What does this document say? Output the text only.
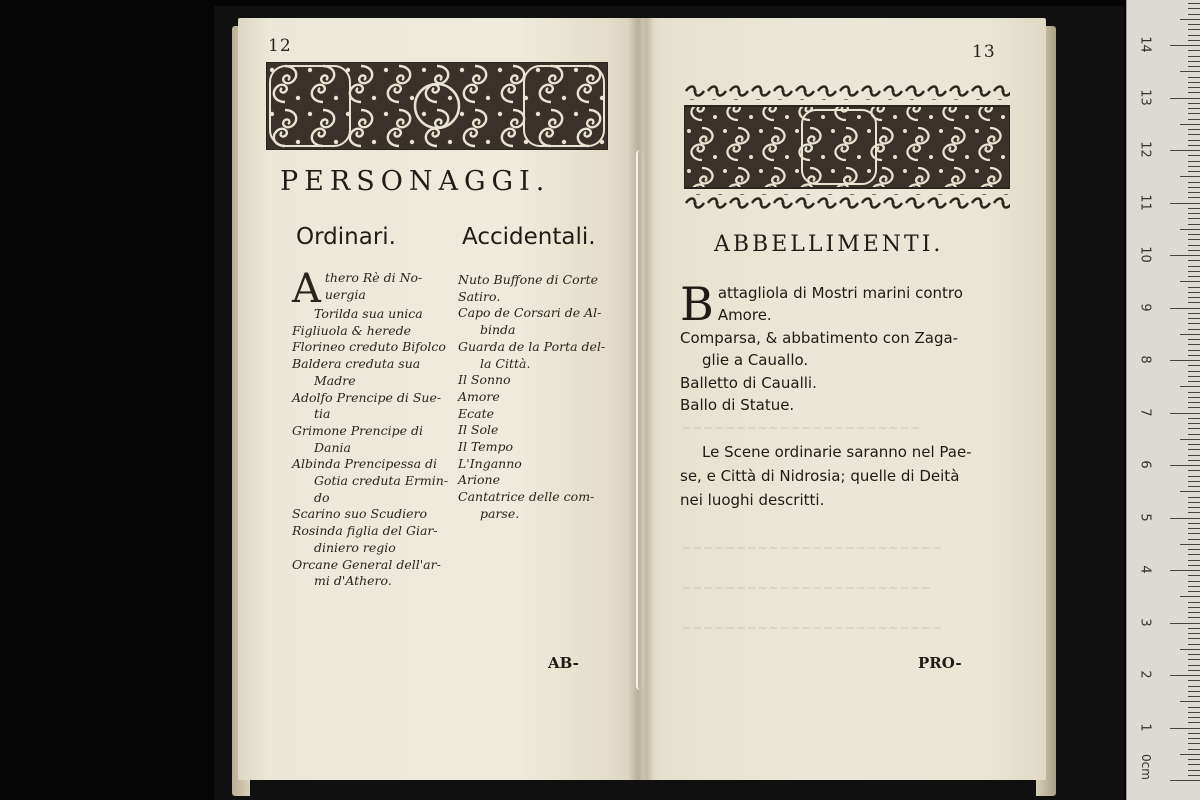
~~~~~~~~~~~~~~~~~~~~~~
~~~~~~~~~~~~~~~~~~~~~~~~
~~~~~~~~~~~~~~~~~~~~~~~
~~~~~~~~~~~~~~~~~~~~~~~~
12	13
PERSONAGGI.
Ordinari.	Accidentali.
A thero Rè di No-
uergia
Torilda sua unica
Figliuola & herede
Florineo creduto Bifolco
Baldera creduta sua
Madre
Adolfo Prencipe di Sue-
tia
Grimone Prencipe di
Dania
Albinda Prencipessa di
Gotia creduta Ermin-
do
Scarino suo Scudiero
Rosinda figlia del Giar-
diniero regio
Orcane General dell'ar-
mi d'Athero.
Nuto Buffone di Corte
Satiro.
Capo de Corsari de Al-
binda
Guarda de la Porta del-
la Città.
Il Sonno
Amore
Ecate
Il Sole
Il Tempo
L'Inganno
Arione
Cantatrice delle com-
parse.
AB-
ABBELLIMENTI.
B attagliola di Mostri marini contro
Amore.
Comparsa, & abbatimento con Zaga-
glie a Cauallo.
Balletto di Caualli.
Ballo di Statue.
Le Scene ordinarie saranno nel Pae-
se, e Città di Nidrosia; quelle di Deità
nei luoghi descritti.
PRO-
1
2
3
4
5
6
7
8
9
10
11
12
13
14
0cm
